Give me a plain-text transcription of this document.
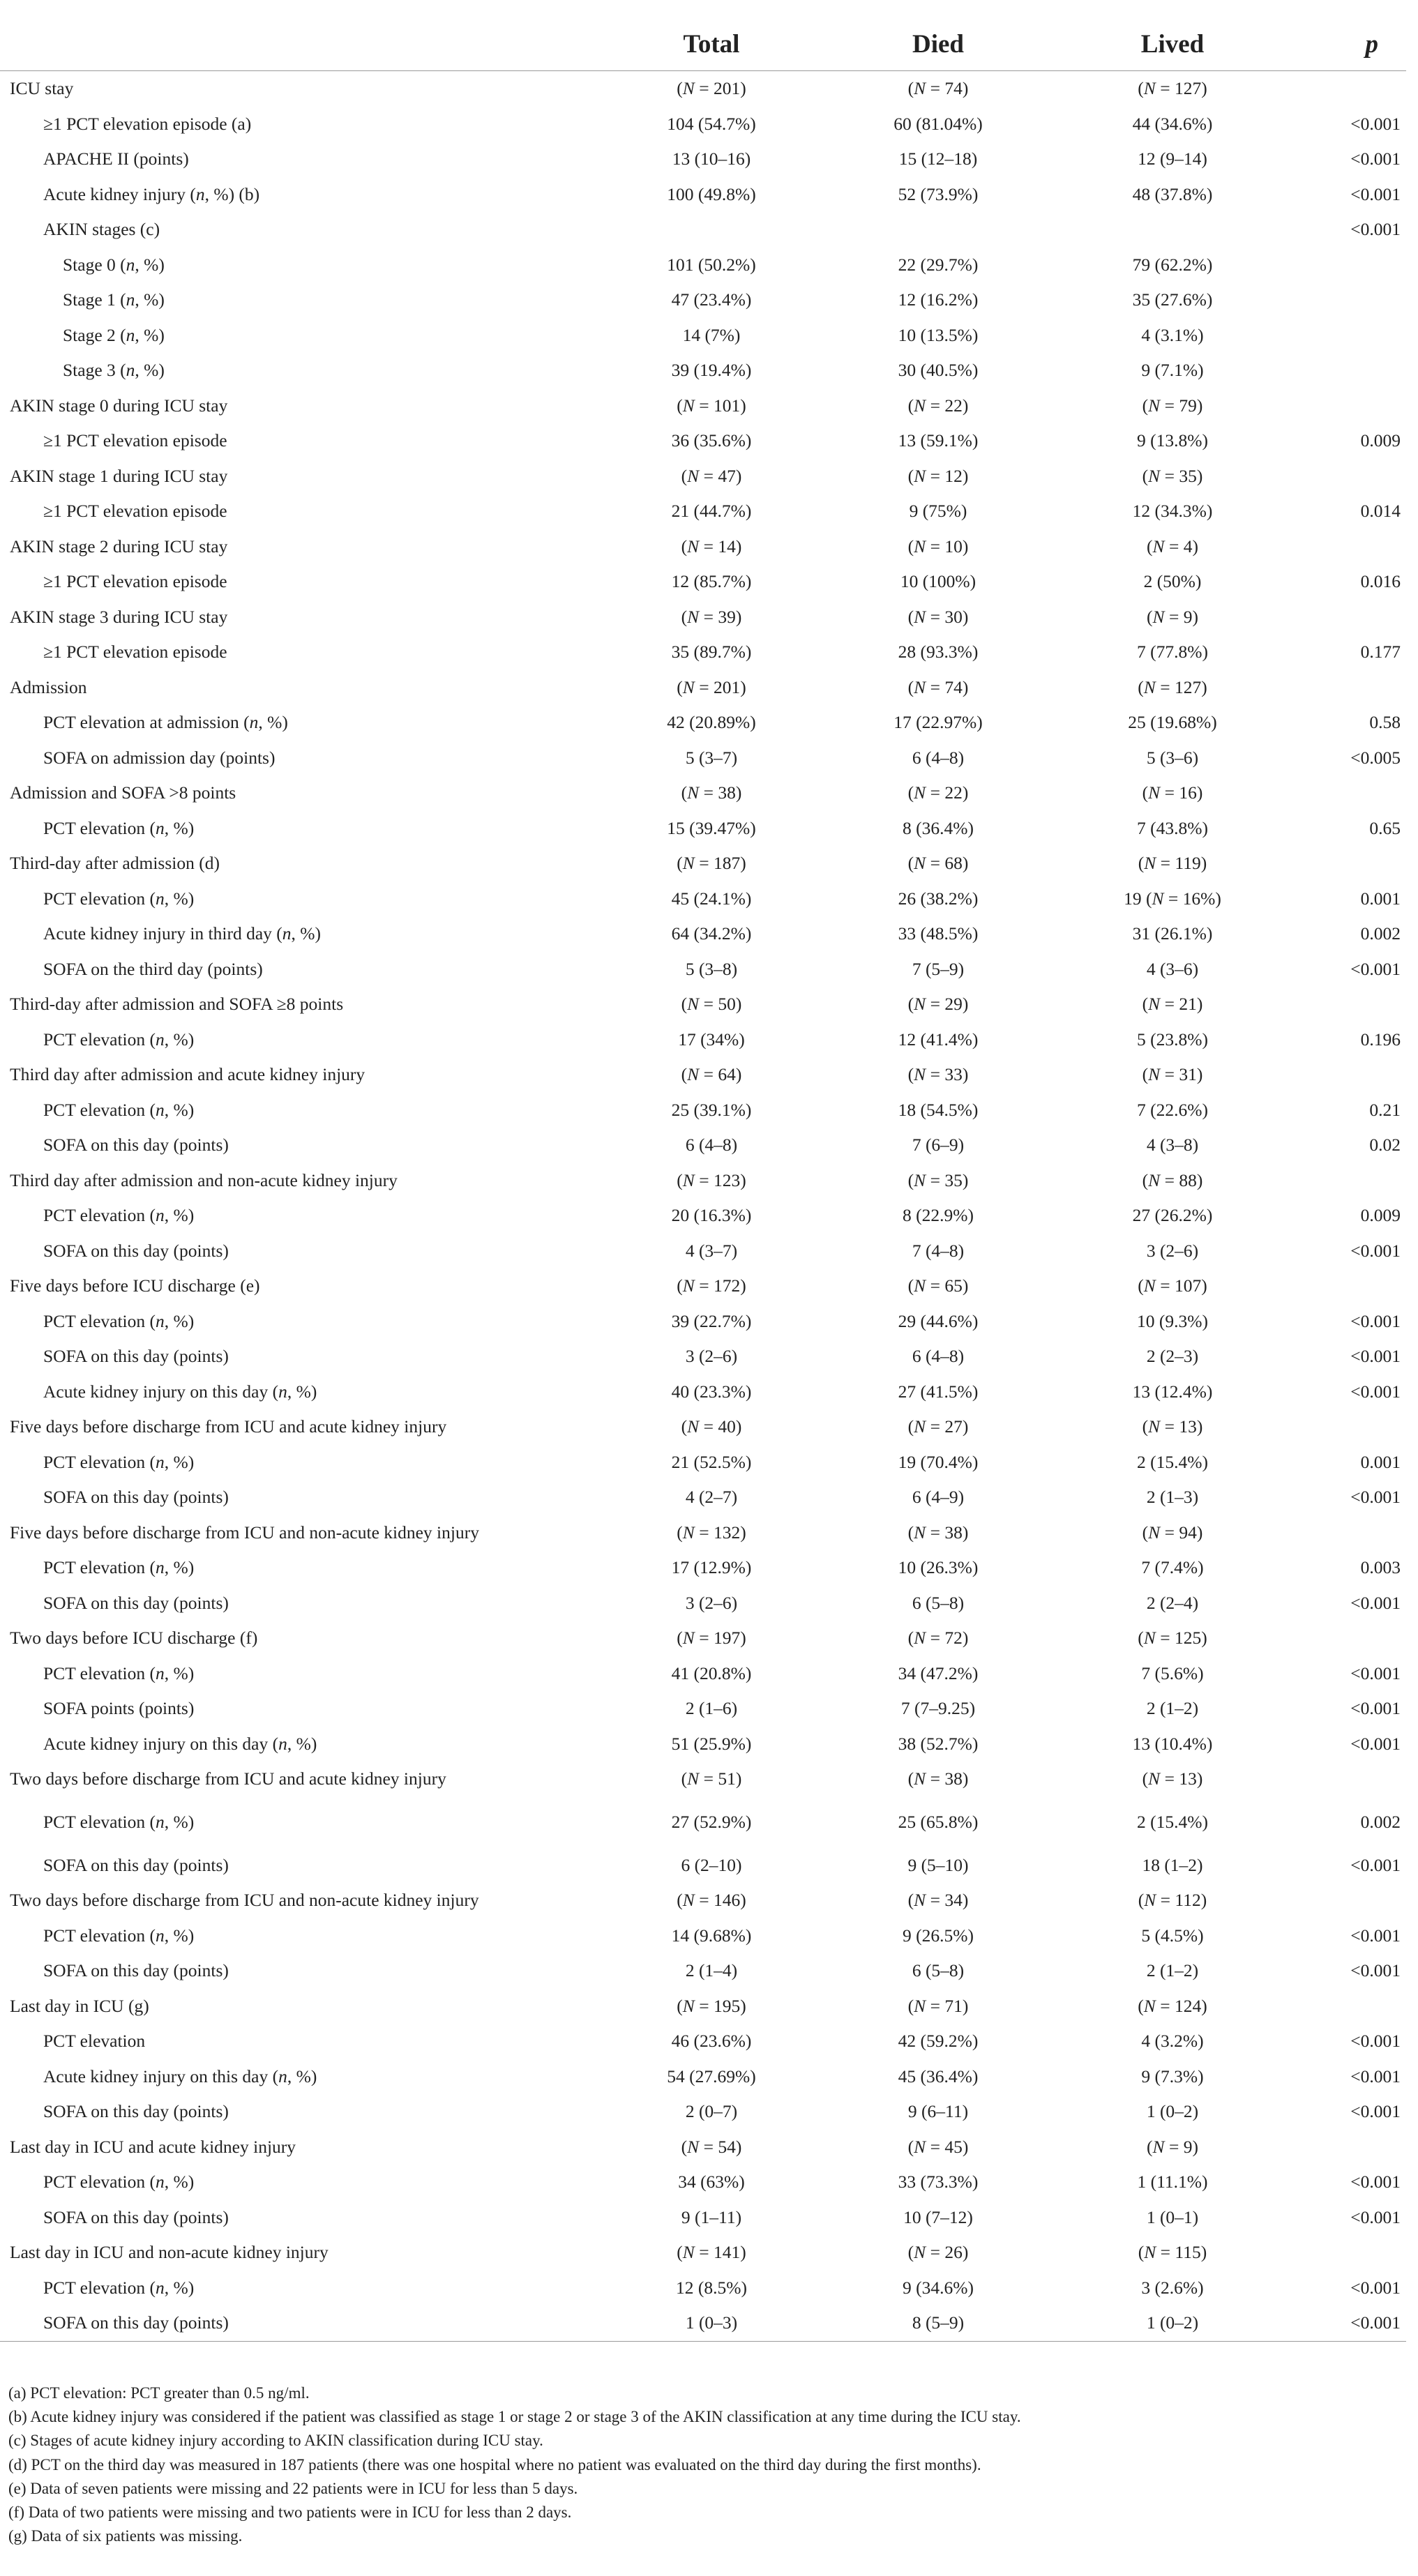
	Total	Died	Lived	p
ICU stay	(N = 201)	(N = 74)	(N = 127)	
≥1 PCT elevation episode (a)	104 (54.7%)	60 (81.04%)	44 (34.6%)	<0.001
APACHE II (points)	13 (10–16)	15 (12–18)	12 (9–14)	<0.001
Acute kidney injury (n, %) (b)	100 (49.8%)	52 (73.9%)	48 (37.8%)	<0.001
AKIN stages (c)				<0.001
Stage 0 (n, %)	101 (50.2%)	22 (29.7%)	79 (62.2%)	
Stage 1 (n, %)	47 (23.4%)	12 (16.2%)	35 (27.6%)	
Stage 2 (n, %)	14 (7%)	10 (13.5%)	4 (3.1%)	
Stage 3 (n, %)	39 (19.4%)	30 (40.5%)	9 (7.1%)	
AKIN stage 0 during ICU stay	(N = 101)	(N = 22)	(N = 79)	
≥1 PCT elevation episode	36 (35.6%)	13 (59.1%)	9 (13.8%)	0.009
AKIN stage 1 during ICU stay	(N = 47)	(N = 12)	(N = 35)	
≥1 PCT elevation episode	21 (44.7%)	9 (75%)	12 (34.3%)	0.014
AKIN stage 2 during ICU stay	(N = 14)	(N = 10)	(N = 4)	
≥1 PCT elevation episode	12 (85.7%)	10 (100%)	2 (50%)	0.016
AKIN stage 3 during ICU stay	(N = 39)	(N = 30)	(N = 9)	
≥1 PCT elevation episode	35 (89.7%)	28 (93.3%)	7 (77.8%)	0.177
Admission	(N = 201)	(N = 74)	(N = 127)	
PCT elevation at admission (n, %)	42 (20.89%)	17 (22.97%)	25 (19.68%)	0.58
SOFA on admission day (points)	5 (3–7)	6 (4–8)	5 (3–6)	<0.005
Admission and SOFA >8 points	(N = 38)	(N = 22)	(N = 16)	
PCT elevation (n, %)	15 (39.47%)	8 (36.4%)	7 (43.8%)	0.65
Third-day after admission (d)	(N = 187)	(N = 68)	(N = 119)	
PCT elevation (n, %)	45 (24.1%)	26 (38.2%)	19 (N = 16%)	0.001
Acute kidney injury in third day (n, %)	64 (34.2%)	33 (48.5%)	31 (26.1%)	0.002
SOFA on the third day (points)	5 (3–8)	7 (5–9)	4 (3–6)	<0.001
Third-day after admission and SOFA ≥8 points	(N = 50)	(N = 29)	(N = 21)	
PCT elevation (n, %)	17 (34%)	12 (41.4%)	5 (23.8%)	0.196
Third day after admission and acute kidney injury	(N = 64)	(N = 33)	(N = 31)	
PCT elevation (n, %)	25 (39.1%)	18 (54.5%)	7 (22.6%)	0.21
SOFA on this day (points)	6 (4–8)	7 (6–9)	4 (3–8)	0.02
Third day after admission and non-acute kidney injury	(N = 123)	(N = 35)	(N = 88)	
PCT elevation (n, %)	20 (16.3%)	8 (22.9%)	27 (26.2%)	0.009
SOFA on this day (points)	4 (3–7)	7 (4–8)	3 (2–6)	<0.001
Five days before ICU discharge (e)	(N = 172)	(N = 65)	(N = 107)	
PCT elevation (n, %)	39 (22.7%)	29 (44.6%)	10 (9.3%)	<0.001
SOFA on this day (points)	3 (2–6)	6 (4–8)	2 (2–3)	<0.001
Acute kidney injury on this day (n, %)	40 (23.3%)	27 (41.5%)	13 (12.4%)	<0.001
Five days before discharge from ICU and acute kidney injury	(N = 40)	(N = 27)	(N = 13)	
PCT elevation (n, %)	21 (52.5%)	19 (70.4%)	2 (15.4%)	0.001
SOFA on this day (points)	4 (2–7)	6 (4–9)	2 (1–3)	<0.001
Five days before discharge from ICU and non-acute kidney injury	(N = 132)	(N = 38)	(N = 94)	
PCT elevation (n, %)	17 (12.9%)	10 (26.3%)	7 (7.4%)	0.003
SOFA on this day (points)	3 (2–6)	6 (5–8)	2 (2–4)	<0.001
Two days before ICU discharge (f)	(N = 197)	(N = 72)	(N = 125)	
PCT elevation (n, %)	41 (20.8%)	34 (47.2%)	7 (5.6%)	<0.001
SOFA points (points)	2 (1–6)	7 (7–9.25)	2 (1–2)	<0.001
Acute kidney injury on this day (n, %)	51 (25.9%)	38 (52.7%)	13 (10.4%)	<0.001
Two days before discharge from ICU and acute kidney injury	(N = 51)	(N = 38)	(N = 13)	
PCT elevation (n, %)	27 (52.9%)	25 (65.8%)	2 (15.4%)	0.002
SOFA on this day (points)	6 (2–10)	9 (5–10)	18 (1–2)	<0.001
Two days before discharge from ICU and non-acute kidney injury	(N = 146)	(N = 34)	(N = 112)	
PCT elevation (n, %)	14 (9.68%)	9 (26.5%)	5 (4.5%)	<0.001
SOFA on this day (points)	2 (1–4)	6 (5–8)	2 (1–2)	<0.001
Last day in ICU (g)	(N = 195)	(N = 71)	(N = 124)	
PCT elevation	46 (23.6%)	42 (59.2%)	4 (3.2%)	<0.001
Acute kidney injury on this day (n, %)	54 (27.69%)	45 (36.4%)	9 (7.3%)	<0.001
SOFA on this day (points)	2 (0–7)	9 (6–11)	1 (0–2)	<0.001
Last day in ICU and acute kidney injury	(N = 54)	(N = 45)	(N = 9)	
PCT elevation (n, %)	34 (63%)	33 (73.3%)	1 (11.1%)	<0.001
SOFA on this day (points)	9 (1–11)	10 (7–12)	1 (0–1)	<0.001
Last day in ICU and non-acute kidney injury	(N = 141)	(N = 26)	(N = 115)	
PCT elevation (n, %)	12 (8.5%)	9 (34.6%)	3 (2.6%)	<0.001
SOFA on this day (points)	1 (0–3)	8 (5–9)	1 (0–2)	<0.001
(a) PCT elevation: PCT greater than 0.5 ng/ml.
(b) Acute kidney injury was considered if the patient was classified as stage 1 or stage 2 or stage 3 of the AKIN classification at any time during the ICU stay.
(c) Stages of acute kidney injury according to AKIN classification during ICU stay.
(d) PCT on the third day was measured in 187 patients (there was one hospital where no patient was evaluated on the third day during the first months).
(e) Data of seven patients were missing and 22 patients were in ICU for less than 5 days.
(f) Data of two patients were missing and two patients were in ICU for less than 2 days.
(g) Data of six patients was missing.
